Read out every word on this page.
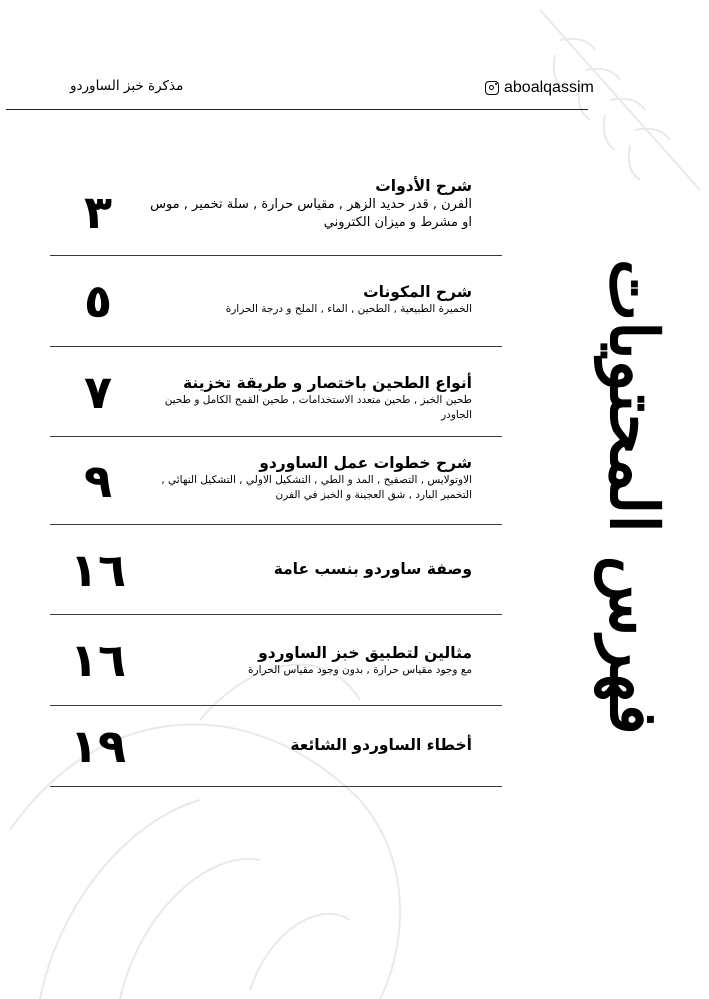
مذكرة خبز الساوردو	aboalqassim
٣	شرح الأدوات
الفرن , قدر حديد الزهر , مقياس حرارة , سلة تخمير , موس او مشرط و ميزان الكتروني
٥	شرح المكونات
الخميرة الطبيعية , الطحين , الماء , الملح و درجة الحرارة
٧	أنواع الطحين باختصار و طريقة تخزينة
طحين الخبز , طحين متعدد الاستخدامات , طحين القمح الكامل و طحين الجاودر
٩	شرح خطوات عمل الساوردو
الاوتولايس , التصفيح , المد و الطي , التشكيل الاولي , التشكيل النهائي , التخمير البارد , شق العجينة و الخبز في الفرن
١٦	وصفة ساوردو بنسب عامة
١٦	مثالين لتطبيق خبز الساوردو
مع وجود مقياس حرارة , بدون وجود مقياس الحرارة
١٩	أخطاء الساوردو الشائعة
فهرس المحتويات
